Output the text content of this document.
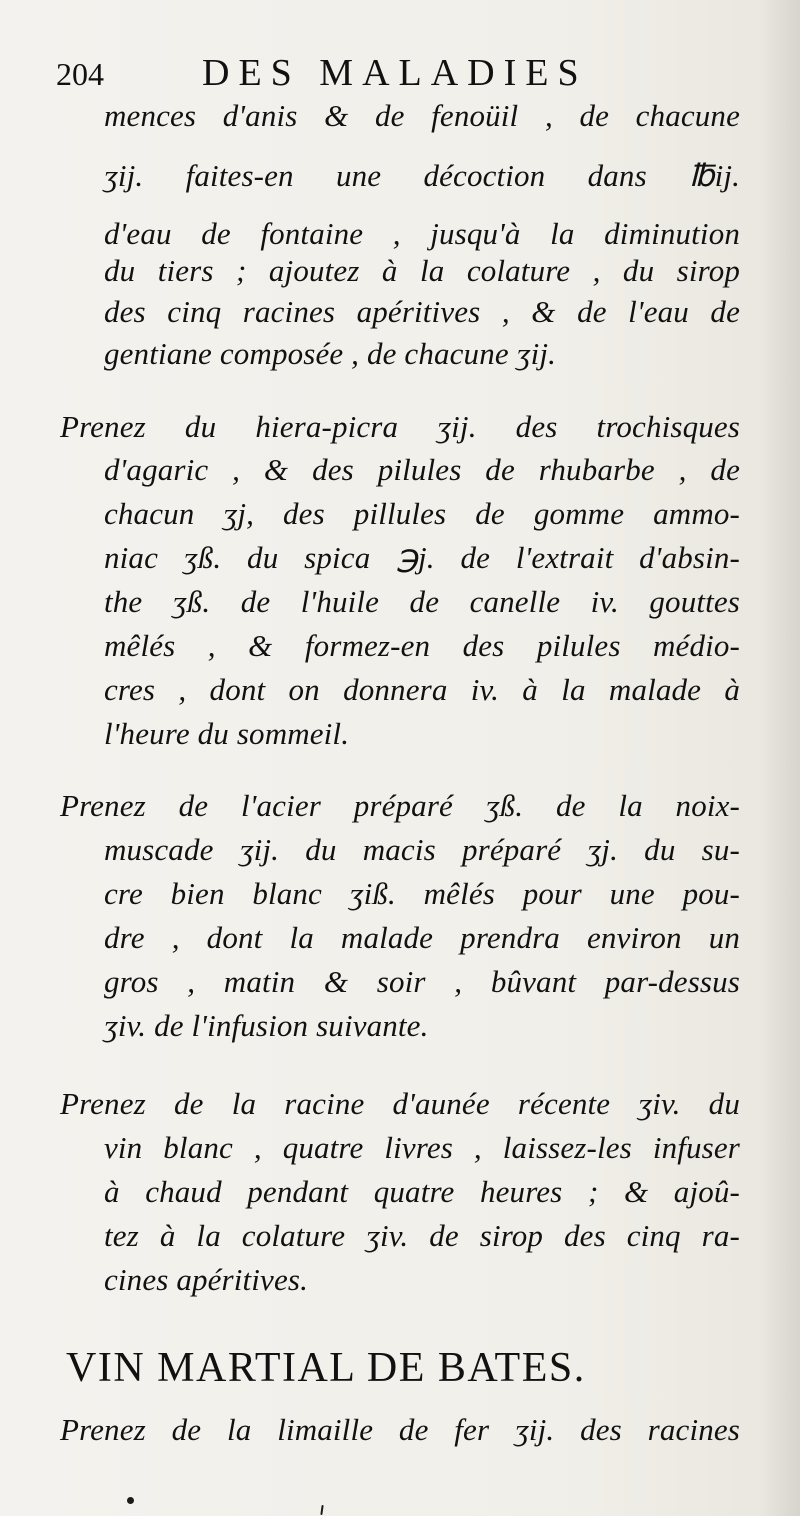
204	DES MALADIES
mences d'anis & de fenoüil , de chacune
ʒij. faites-en une décoction dans ℔ij.
d'eau de fontaine , jusqu'à la diminution
du tiers ; ajoutez à la colature , du sirop
des cinq racines apéritives , & de l'eau de
gentiane composée , de chacune ʒij.
Prenez du hiera-picra ʒij. des trochisques
d'agaric , & des pilules de rhubarbe , de
chacun ʒj, des pillules de gomme ammo-
niac ʒß. du spica ℈j. de l'extrait d'absin-
the ʒß. de l'huile de canelle iv. gouttes
mêlés , & formez-en des pilules médio-
cres , dont on donnera iv. à la malade à
l'heure du sommeil.
Prenez de l'acier préparé ʒß. de la noix-
muscade ʒij. du macis préparé ʒj. du su-
cre bien blanc ʒiß. mêlés pour une pou-
dre , dont la malade prendra environ un
gros , matin & soir , bûvant par-dessus
ʒiv. de l'infusion suivante.
Prenez de la racine d'aunée récente ʒiv. du
vin blanc , quatre livres , laissez-les infuser
à chaud pendant quatre heures ; & ajoû-
tez à la colature ʒiv. de sirop des cinq ra-
cines apéritives.
VIN MARTIAL DE BATES.
Prenez de la limaille de fer ʒij. des racines
